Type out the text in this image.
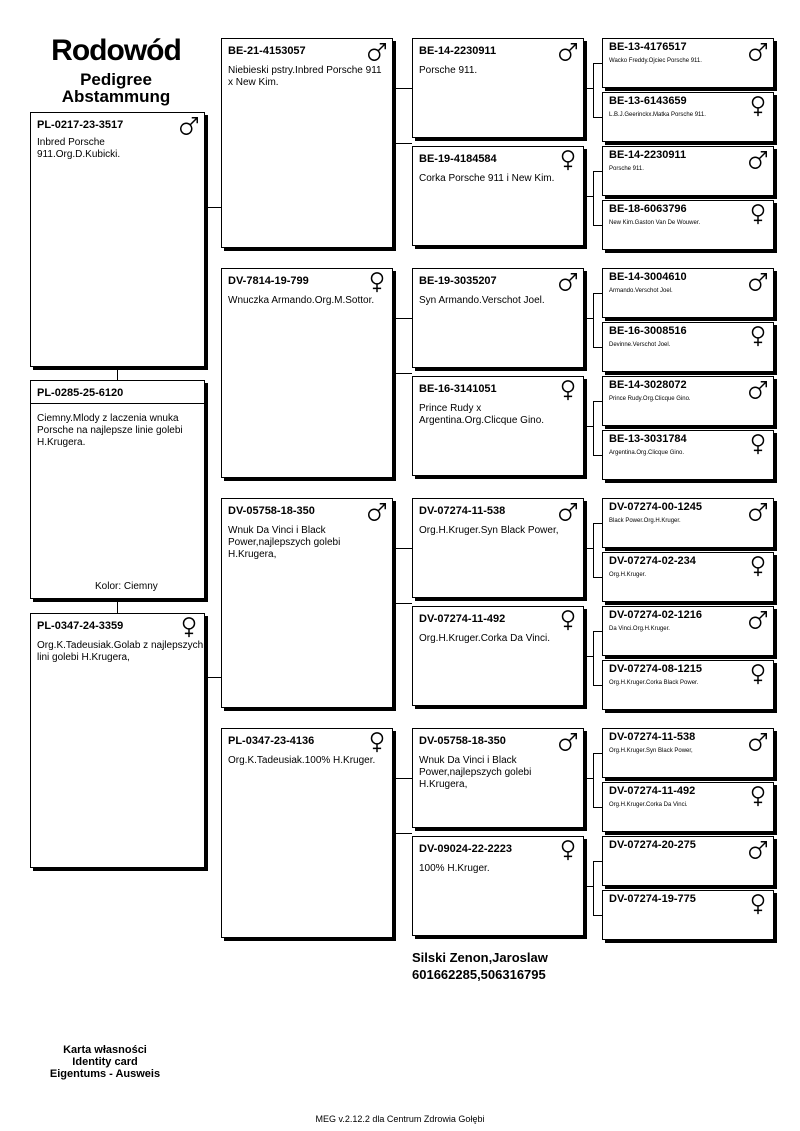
Rodowód
Pedigree
Abstammung
PL-0217-23-3517
Inbred Porsche 911.Org.D.Kubicki.
PL-0285-25-6120
Ciemny.Mlody z laczenia wnuka Porsche na najlepsze linie golebi H.Krugera.
Kolor: Ciemny
PL-0347-24-3359
Org.K.Tadeusiak.Golab z najlepszych lini golebi H.Krugera,
BE-21-4153057
Niebieski pstry.Inbred Porsche 911 x New Kim.
DV-7814-19-799
Wnuczka Armando.Org.M.Sottor.
DV-05758-18-350
Wnuk Da Vinci i Black Power,najlepszych golebi H.Krugera,
PL-0347-23-4136
Org.K.Tadeusiak.100% H.Kruger.
BE-14-2230911
Porsche 911.
BE-19-4184584
Corka Porsche 911 i New Kim.
BE-19-3035207
Syn Armando.Verschot Joel.
BE-16-3141051
Prince Rudy x Argentina.Org.Clicque Gino.
DV-07274-11-538
Org.H.Kruger.Syn Black Power,
DV-07274-11-492
Org.H.Kruger.Corka Da Vinci.
DV-05758-18-350
Wnuk Da Vinci i Black Power,najlepszych golebi H.Krugera,
DV-09024-22-2223
100% H.Kruger.
BE-13-4176517
Wacko Freddy.Ojciec Porsche 911.
BE-13-6143659
L.B.J.Geerinckx.Matka Porsche 911.
BE-14-2230911
Porsche 911.
BE-18-6063796
New Kim.Gaston Van De Wouwer.
BE-14-3004610
Armando.Verschot Joel.
BE-16-3008516
Devinne.Verschot Joel.
BE-14-3028072
Prince Rudy.Org.Clicque Gino.
BE-13-3031784
Argentina.Org.Clicque Gino.
DV-07274-00-1245
Black Power.Org.H.Kruger.
DV-07274-02-234
Org.H.Kruger.
DV-07274-02-1216
Da Vinci.Org.H.Kruger.
DV-07274-08-1215
Org.H.Kruger.Corka Black Power.
DV-07274-11-538
Org.H.Kruger.Syn Black Power,
DV-07274-11-492
Org.H.Kruger.Corka Da Vinci.
DV-07274-20-275
DV-07274-19-775
Silski Zenon,Jaroslaw
601662285,506316795
Karta własności
Identity card
Eigentums - Ausweis
MEG v.2.12.2 dla Centrum Zdrowia Gołębi
